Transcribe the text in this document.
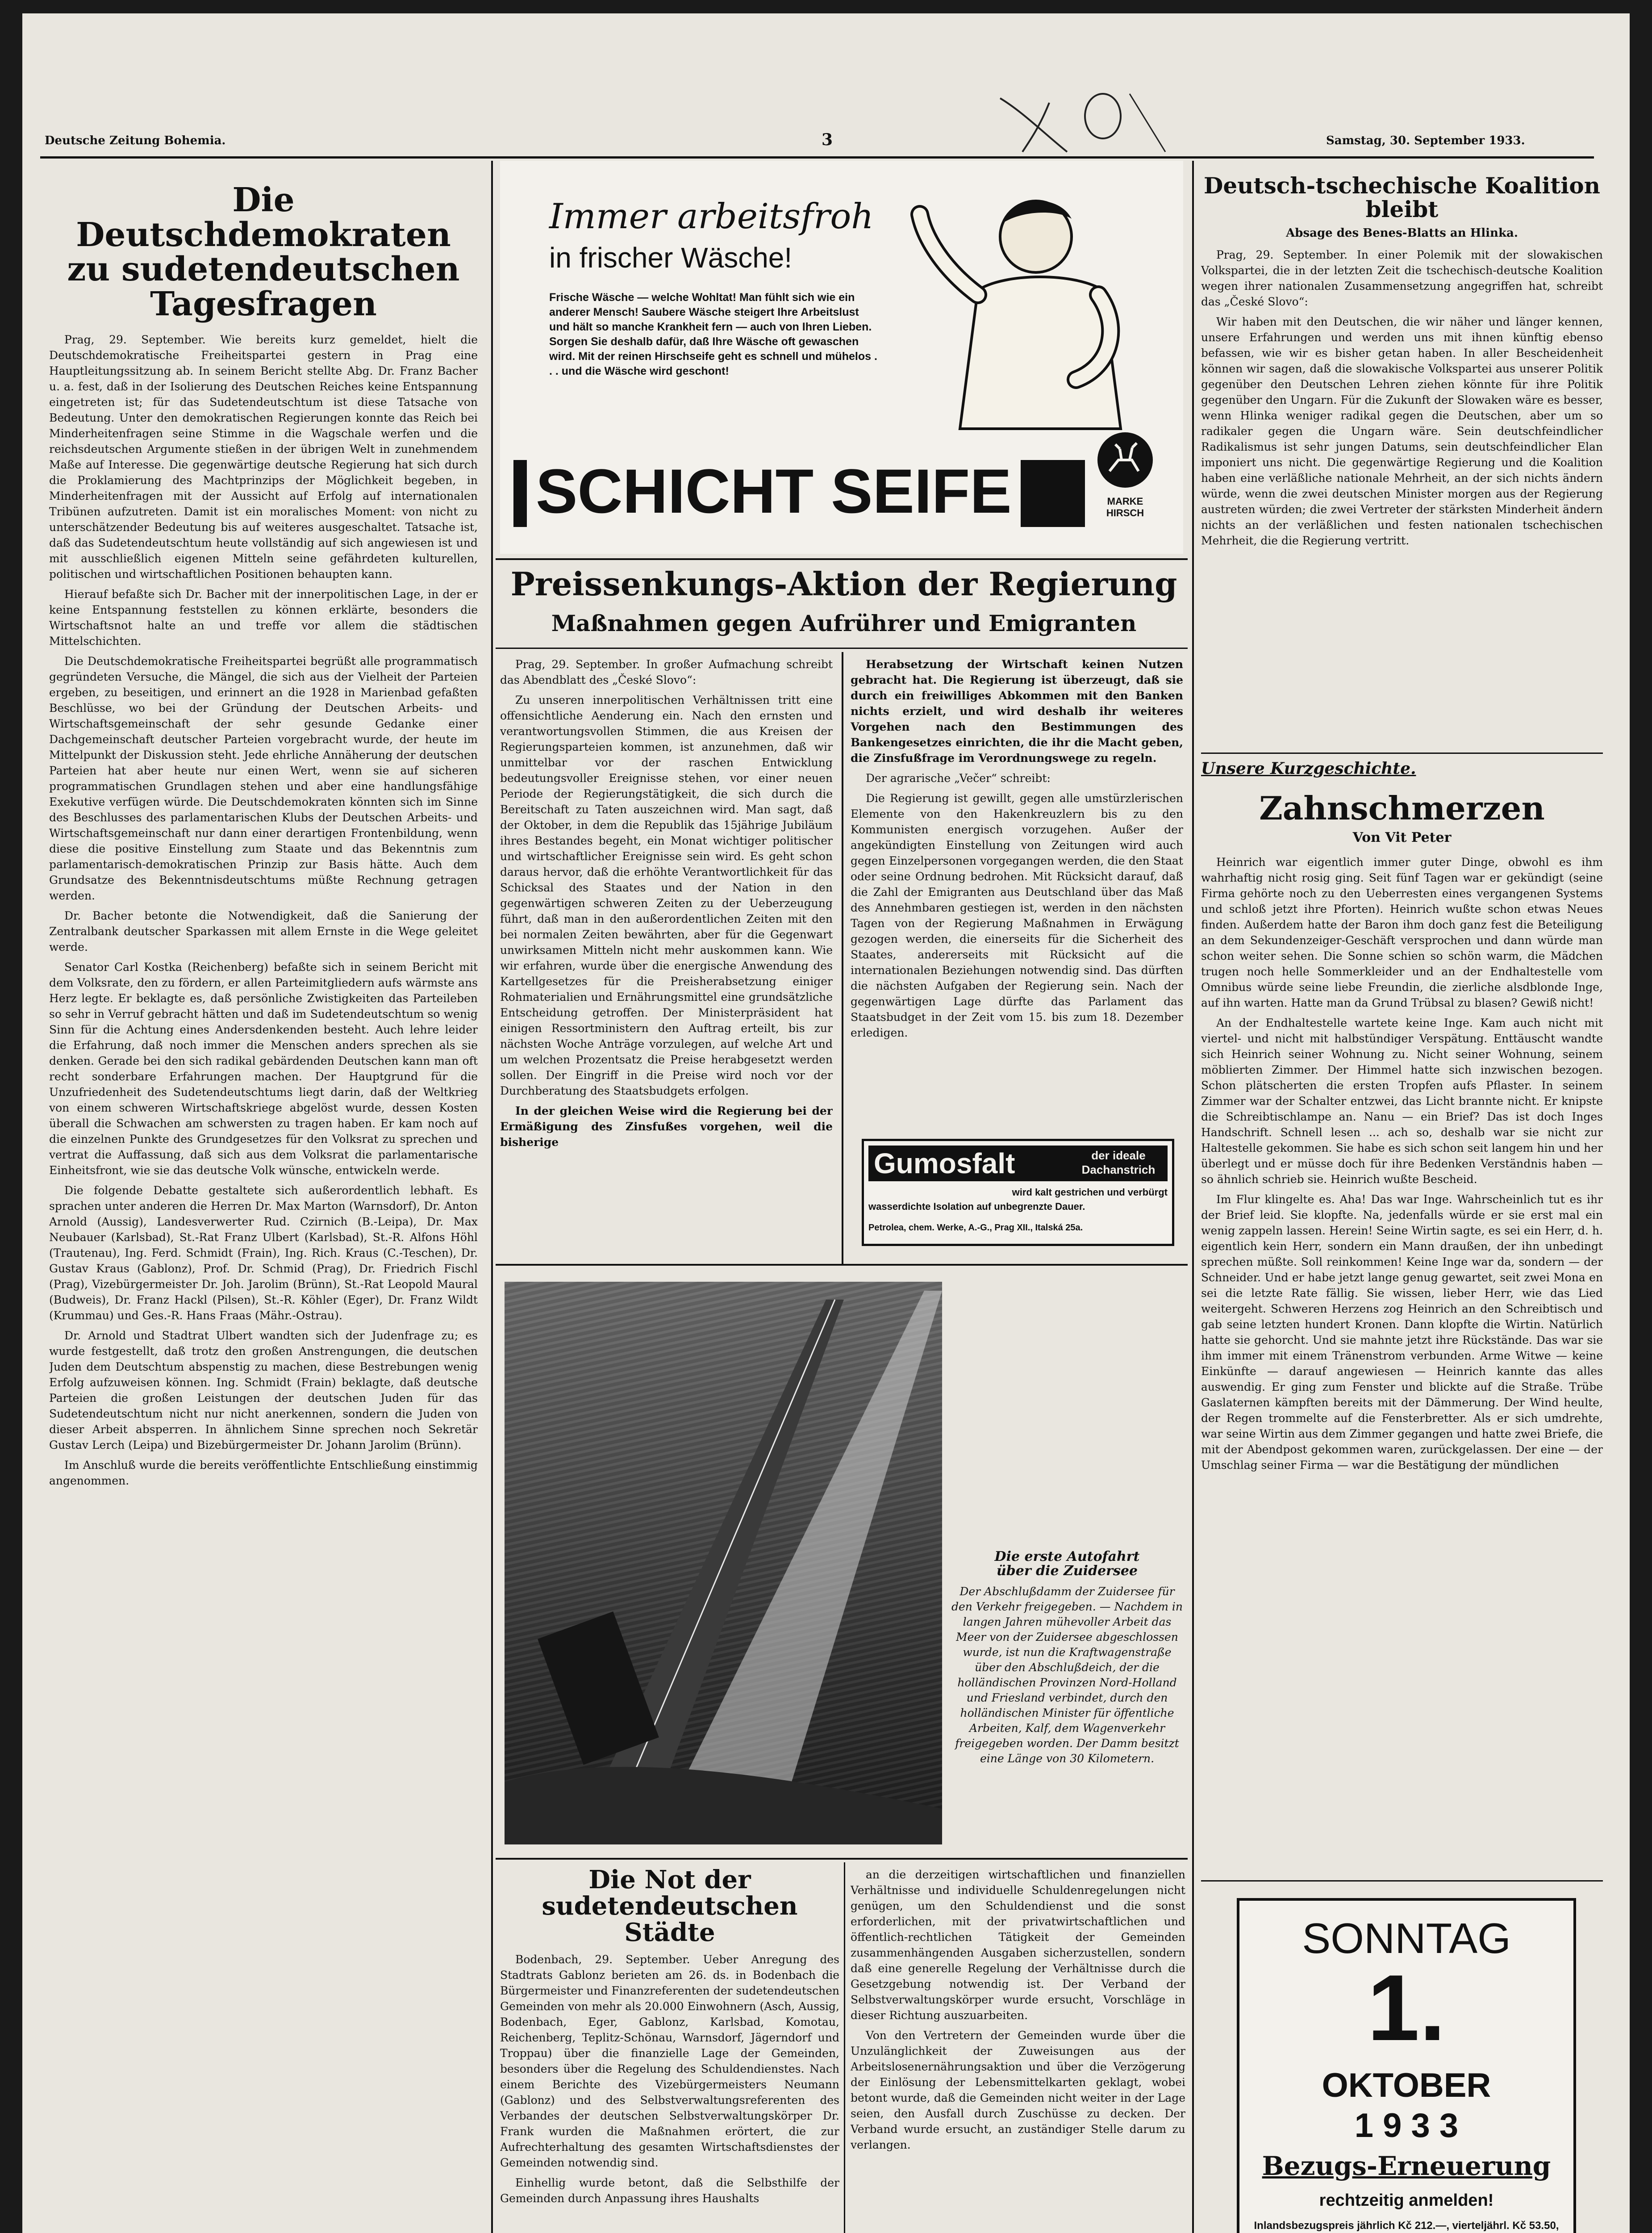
Deutsche Zeitung Bohemia.	3	Samstag, 30. September 1933.
Die Deutschdemokraten
zu sudetendeutschen
Tagesfragen

Prag, 29. September. Wie bereits kurz gemeldet, hielt die Deutschdemokratische Freiheitspartei gestern in Prag eine Hauptleitungssitzung ab. In seinem Bericht stellte Abg. Dr. Franz Bacher u. a. fest, daß in der Isolierung des Deutschen Reiches keine Entspannung eingetreten ist; für das Sudetendeutschtum ist diese Tatsache von Bedeutung. Unter den demokratischen Regierungen konnte das Reich bei Minderheitenfragen seine Stimme in die Wagschale werfen und die reichsdeutschen Argumente stießen in der übrigen Welt in zunehmendem Maße auf Interesse. Die gegenwärtige deutsche Regierung hat sich durch die Proklamierung des Machtprinzips der Möglichkeit begeben, in Minderheitenfragen mit der Aussicht auf Erfolg auf internationalen Tribünen aufzutreten. Damit ist ein moralisches Moment: von nicht zu unterschätzender Bedeutung bis auf weiteres ausgeschaltet. Tatsache ist, daß das Sudetendeutschtum heute vollständig auf sich angewiesen ist und mit ausschließlich eigenen Mitteln seine gefährdeten kulturellen, politischen und wirtschaftlichen Positionen behaupten kann.

Hierauf befaßte sich Dr. Bacher mit der innerpolitischen Lage, in der er keine Entspannung feststellen zu können erklärte, besonders die Wirtschaftsnot halte an und treffe vor allem die städtischen Mittelschichten.

Die Deutschdemokratische Freiheitspartei begrüßt alle programmatisch gegründeten Versuche, die Mängel, die sich aus der Vielheit der Parteien ergeben, zu beseitigen, und erinnert an die 1928 in Marienbad gefaßten Beschlüsse, wo bei der Gründung der Deutschen Arbeits- und Wirtschaftsgemeinschaft der sehr gesunde Gedanke einer Dachgemeinschaft deutscher Parteien vorgebracht wurde, der heute im Mittelpunkt der Diskussion steht. Jede ehrliche Annäherung der deutschen Parteien hat aber heute nur einen Wert, wenn sie auf sicheren programmatischen Grundlagen stehen und aber eine handlungsfähige Exekutive verfügen würde. Die Deutschdemokraten könnten sich im Sinne des Beschlusses des parlamentarischen Klubs der Deutschen Arbeits- und Wirtschaftsgemeinschaft nur dann einer derartigen Frontenbildung, wenn diese die positive Einstellung zum Staate und das Bekenntnis zum parlamentarisch-demokratischen Prinzip zur Basis hätte. Auch dem Grundsatze des Bekenntnisdeutschtums müßte Rechnung getragen werden.

Dr. Bacher betonte die Notwendigkeit, daß die Sanierung der Zentralbank deutscher Sparkassen mit allem Ernste in die Wege geleitet werde.

Senator Carl Kostka (Reichenberg) befaßte sich in seinem Bericht mit dem Volksrate, den zu fördern, er allen Parteimitgliedern aufs wärmste ans Herz legte. Er beklagte es, daß persönliche Zwistigkeiten das Parteileben so sehr in Verruf gebracht hätten und daß im Sudetendeutschtum so wenig Sinn für die Achtung eines Andersdenkenden besteht. Auch lehre leider die Erfahrung, daß noch immer die Menschen anders sprechen als sie denken. Gerade bei den sich radikal gebärdenden Deutschen kann man oft recht sonderbare Erfahrungen machen. Der Hauptgrund für die Unzufriedenheit des Sudetendeutschtums liegt darin, daß der Weltkrieg von einem schweren Wirtschaftskriege abgelöst wurde, dessen Kosten überall die Schwachen am schwersten zu tragen haben. Er kam noch auf die einzelnen Punkte des Grundgesetzes für den Volksrat zu sprechen und vertrat die Auffassung, daß sich aus dem Volksrat die parlamentarische Einheitsfront, wie sie das deutsche Volk wünsche, entwickeln werde.

Die folgende Debatte gestaltete sich außerordentlich lebhaft. Es sprachen unter anderen die Herren Dr. Max Marton (Warnsdorf), Dr. Anton Arnold (Aussig), Landesverwerter Rud. Czirnich (B.-Leipa), Dr. Max Neubauer (Karlsbad), St.-Rat Franz Ulbert (Karlsbad), St.-R. Alfons Höhl (Trautenau), Ing. Ferd. Schmidt (Frain), Ing. Rich. Kraus (C.-Teschen), Dr. Gustav Kraus (Gablonz), Prof. Dr. Schmid (Prag), Dr. Friedrich Fischl (Prag), Vizebürgermeister Dr. Joh. Jarolim (Brünn), St.-Rat Leopold Maural (Budweis), Dr. Franz Hackl (Pilsen), St.-R. Köhler (Eger), Dr. Franz Wildt (Krummau) und Ges.-R. Hans Fraas (Mähr.-Ostrau).

Dr. Arnold und Stadtrat Ulbert wandten sich der Judenfrage zu; es wurde festgestellt, daß trotz den großen Anstrengungen, die deutschen Juden dem Deutschtum abspenstig zu machen, diese Bestrebungen wenig Erfolg aufzuweisen können. Ing. Schmidt (Frain) beklagte, daß deutsche Parteien die großen Leistungen der deutschen Juden für das Sudetendeutschtum nicht nur nicht anerkennen, sondern die Juden von dieser Arbeit absperren. In ähnlichem Sinne sprechen noch Sekretär Gustav Lerch (Leipa) und Bizebürgermeister Dr. Johann Jarolim (Brünn).

Im Anschluß wurde die bereits veröffentlichte Entschließung einstimmig angenommen.

Immer arbeitsfroh
in frischer Wäsche!
Frische Wäsche — welche Wohltat! Man fühlt sich wie ein anderer Mensch! Saubere Wäsche steigert Ihre Arbeitslust und hält so manche Krankheit fern — auch von Ihren Lieben. Sorgen Sie deshalb dafür, daß Ihre Wäsche oft gewaschen wird. Mit der reinen Hirschseife geht es schnell und mühelos . . . und die Wäsche wird geschont!
MARKE
HIRSCH
SCHICHT SEIFE
Preissenkungs-Aktion der Regierung
Maßnahmen gegen Aufrührer und Emigranten

Prag, 29. September. In großer Aufmachung schreibt das Abendblatt des „České Slovo“:

Zu unseren innerpolitischen Verhältnissen tritt eine offensichtliche Aenderung ein. Nach den ernsten und verantwortungsvollen Stimmen, die aus Kreisen der Regierungsparteien kommen, ist anzunehmen, daß wir unmittelbar vor der raschen Entwicklung bedeutungsvoller Ereignisse stehen, vor einer neuen Periode der Regierungstätigkeit, die sich durch die Bereitschaft zu Taten auszeichnen wird. Man sagt, daß der Oktober, in dem die Republik das 15jährige Jubiläum ihres Bestandes begeht, ein Monat wichtiger politischer und wirtschaftlicher Ereignisse sein wird. Es geht schon daraus hervor, daß die erhöhte Verantwortlichkeit für das Schicksal des Staates und der Nation in den gegenwärtigen schweren Zeiten zu der Ueberzeugung führt, daß man in den außerordentlichen Zeiten mit den bei normalen Zeiten bewährten, aber für die Gegenwart unwirksamen Mitteln nicht mehr auskommen kann. Wie wir erfahren, wurde über die energische Anwendung des Kartellgesetzes für die Preisherabsetzung einiger Rohmaterialien und Ernährungsmittel eine grundsätzliche Entscheidung getroffen. Der Ministerpräsident hat einigen Ressortministern den Auftrag erteilt, bis zur nächsten Woche Anträge vorzulegen, auf welche Art und um welchen Prozentsatz die Preise herabgesetzt werden sollen. Der Eingriff in die Preise wird noch vor der Durchberatung des Staatsbudgets erfolgen.

In der gleichen Weise wird die Regierung bei der Ermäßigung des Zinsfußes vorgehen, weil die bisherige

Herabsetzung der Wirtschaft keinen Nutzen gebracht hat. Die Regierung ist überzeugt, daß sie durch ein freiwilliges Abkommen mit den Banken nichts erzielt, und wird deshalb ihr weiteres Vorgehen nach den Bestimmungen des Bankengesetzes einrichten, die ihr die Macht geben, die Zinsfußfrage im Verordnungswege zu regeln.

Der agrarische „Večer“ schreibt:

Die Regierung ist gewillt, gegen alle umstürzlerischen Elemente von den Hakenkreuzlern bis zu den Kommunisten energisch vorzugehen. Außer der angekündigten Einstellung von Zeitungen wird auch gegen Einzelpersonen vorgegangen werden, die den Staat oder seine Ordnung bedrohen. Mit Rücksicht darauf, daß die Zahl der Emigranten aus Deutschland über das Maß des Annehmbaren gestiegen ist, werden in den nächsten Tagen von der Regierung Maßnahmen in Erwägung gezogen werden, die einerseits für die Sicherheit des Staates, andererseits mit Rücksicht auf die internationalen Beziehungen notwendig sind. Das dürften die nächsten Aufgaben der Regierung sein. Nach der gegenwärtigen Lage dürfte das Parlament das Staatsbudget in der Zeit vom 15. bis zum 18. Dezember erledigen.

Gumosfalt	der ideale
Dachanstrich
wird kalt gestrichen und verbürgt
wasserdichte Isolation auf unbegrenzte Dauer.
Petrolea, chem. Werke, A.-G., Prag XII., Italská 25a.
Die erste Autofahrt
über die Zuidersee
Der Abschlußdamm der Zuidersee für den Verkehr freigegeben. — Nachdem in langen Jahren mühevoller Arbeit das Meer von der Zuidersee abgeschlossen wurde, ist nun die Kraftwagenstraße über den Abschlußdeich, der die holländischen Provinzen Nord-Holland und Friesland verbindet, durch den holländischen Minister für öffentliche Arbeiten, Kalf, dem Wagenverkehr freigegeben worden. Der Damm besitzt eine Länge von 30 Kilometern.
Die Not der sudetendeutschen
Städte

Bodenbach, 29. September. Ueber Anregung des Stadtrats Gablonz berieten am 26. ds. in Bodenbach die Bürgermeister und Finanzreferenten der sudetendeutschen Gemeinden von mehr als 20.000 Einwohnern (Asch, Aussig, Bodenbach, Eger, Gablonz, Karlsbad, Komotau, Reichenberg, Teplitz-Schönau, Warnsdorf, Jägerndorf und Troppau) über die finanzielle Lage der Gemeinden, besonders über die Regelung des Schuldendienstes. Nach einem Berichte des Vizebürgermeisters Neumann (Gablonz) und des Selbstverwaltungsreferenten des Verbandes der deutschen Selbstverwaltungskörper Dr. Frank wurden die Maßnahmen erörtert, die zur Aufrechterhaltung des gesamten Wirtschaftsdienstes der Gemeinden notwendig sind.

Einhellig wurde betont, daß die Selbsthilfe der Gemeinden durch Anpassung ihres Haushalts

an die derzeitigen wirtschaftlichen und finanziellen Verhältnisse und individuelle Schuldenregelungen nicht genügen, um den Schuldendienst und die sonst erforderlichen, mit der privatwirtschaftlichen und öffentlich-rechtlichen Tätigkeit der Gemeinden zusammenhängenden Ausgaben sicherzustellen, sondern daß eine generelle Regelung der Verhältnisse durch die Gesetzgebung notwendig ist. Der Verband der Selbstverwaltungskörper wurde ersucht, Vorschläge in dieser Richtung auszuarbeiten.

Von den Vertretern der Gemeinden wurde über die Unzulänglichkeit der Zuweisungen aus der Arbeitslosenernährungsaktion und über die Verzögerung der Einlösung der Lebensmittelkarten geklagt, wobei betont wurde, daß die Gemeinden nicht weiter in der Lage seien, den Ausfall durch Zuschüsse zu decken. Der Verband wurde ersucht, an zuständiger Stelle darum zu verlangen.

Deutsch-tschechische Koalition
bleibt
Absage des Benes-Blatts an Hlinka.

Prag, 29. September. In einer Polemik mit der slowakischen Volkspartei, die in der letzten Zeit die tschechisch-deutsche Koalition wegen ihrer nationalen Zusammensetzung angegriffen hat, schreibt das „České Slovo“:

Wir haben mit den Deutschen, die wir näher und länger kennen, unsere Erfahrungen und werden uns mit ihnen künftig ebenso befassen, wie wir es bisher getan haben. In aller Bescheidenheit können wir sagen, daß die slowakische Volkspartei aus unserer Politik gegenüber den Deutschen Lehren ziehen könnte für ihre Politik gegenüber den Ungarn. Für die Zukunft der Slowaken wäre es besser, wenn Hlinka weniger radikal gegen die Deutschen, aber um so radikaler gegen die Ungarn wäre. Sein deutschfeindlicher Radikalismus ist sehr jungen Datums, sein deutschfeindlicher Elan imponiert uns nicht. Die gegenwärtige Regierung und die Koalition haben eine verläßliche nationale Mehrheit, an der sich nichts ändern würde, wenn die zwei deutschen Minister morgen aus der Regierung austreten würden; die zwei Vertreter der stärksten Minderheit ändern nichts an der verläßlichen und festen nationalen tschechischen Mehrheit, die die Regierung vertritt.

Unsere Kurzgeschichte.
Zahnschmerzen
Von Vit Peter

Heinrich war eigentlich immer guter Dinge, obwohl es ihm wahrhaftig nicht rosig ging. Seit fünf Tagen war er gekündigt (seine Firma gehörte noch zu den Ueberresten eines vergangenen Systems und schloß jetzt ihre Pforten). Heinrich wußte schon etwas Neues finden. Außerdem hatte der Baron ihm doch ganz fest die Beteiligung an dem Sekundenzeiger-Geschäft versprochen und dann würde man schon weiter sehen. Die Sonne schien so schön warm, die Mädchen trugen noch helle Sommerkleider und an der Endhaltestelle vom Omnibus würde seine liebe Freundin, die zierliche alsdblonde Inge, auf ihn warten. Hatte man da Grund Trübsal zu blasen? Gewiß nicht!

An der Endhaltestelle wartete keine Inge. Kam auch nicht mit viertel- und nicht mit halbstündiger Verspätung. Enttäuscht wandte sich Heinrich seiner Wohnung zu. Nicht seiner Wohnung, seinem möblierten Zimmer. Der Himmel hatte sich inzwischen bezogen. Schon plätscherten die ersten Tropfen aufs Pflaster. In seinem Zimmer war der Schalter entzwei, das Licht brannte nicht. Er knipste die Schreibtischlampe an. Nanu — ein Brief? Das ist doch Inges Handschrift. Schnell lesen ... ach so, deshalb war sie nicht zur Haltestelle gekommen. Sie habe es sich schon seit langem hin und her überlegt und er müsse doch für ihre Bedenken Verständnis haben — so ähnlich schrieb sie. Heinrich wußte Bescheid.

Im Flur klingelte es. Aha! Das war Inge. Wahrscheinlich tut es ihr der Brief leid. Sie klopfte. Na, jedenfalls würde er sie erst mal ein wenig zappeln lassen. Herein! Seine Wirtin sagte, es sei ein Herr, d. h. eigentlich kein Herr, sondern ein Mann draußen, der ihn unbedingt sprechen müßte. Soll reinkommen! Keine Inge war da, sondern — der Schneider. Und er habe jetzt lange genug gewartet, seit zwei Mona en sei die letzte Rate fällig. Sie wissen, lieber Herr, wie das Lied weitergeht. Schweren Herzens zog Heinrich an den Schreibtisch und gab seine letzten hundert Kronen. Dann klopfte die Wirtin. Natürlich hatte sie gehorcht. Und sie mahnte jetzt ihre Rückstände. Das war sie ihm immer mit einem Tränenstrom verbunden. Arme Witwe — keine Einkünfte — darauf angewiesen — Heinrich kannte das alles auswendig. Er ging zum Fenster und blickte auf die Straße. Trübe Gaslaternen kämpften bereits mit der Dämmerung. Der Wind heulte, der Regen trommelte auf die Fensterbretter. Als er sich umdrehte, war seine Wirtin aus dem Zimmer gegangen und hatte zwei Briefe, die mit der Abendpost gekommen waren, zurückgelassen. Der eine — der Umschlag seiner Firma — war die Bestätigung der mündlichen

SONNTAG
1.
OKTOBER
1 9 3 3
Bezugs-Erneuerung
rechtzeitig anmelden!
Inlandsbezugspreis jährlich Kč 212.—, vierteljährl. Kč 53.50,
